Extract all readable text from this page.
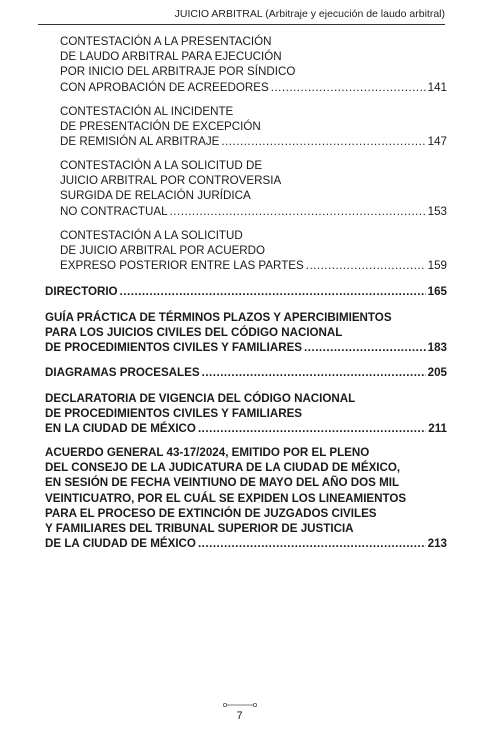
JUICIO ARBITRAL (Arbitraje y ejecución de laudo arbitral)
CONTESTACIÓN A LA PRESENTACIÓN
DE LAUDO ARBITRAL PARA EJECUCIÓN
POR INICIO DEL ARBITRAJE POR SÍNDICO
CON APROBACIÓN DE ACREEDORES .....	141
CONTESTACIÓN AL INCIDENTE
DE PRESENTACIÓN DE EXCEPCIÓN
DE REMISIÓN AL ARBITRAJE .....	147
CONTESTACIÓN A LA SOLICITUD DE
JUICIO ARBITRAL POR CONTROVERSIA
SURGIDA DE RELACIÓN JURÍDICA
NO CONTRACTUAL .....	153
CONTESTACIÓN A LA SOLICITUD
DE JUICIO ARBITRAL POR ACUERDO
EXPRESO POSTERIOR ENTRE LAS PARTES .....	159
DIRECTORIO .....	165
GUÍA PRÁCTICA DE TÉRMINOS PLAZOS Y APERCIBIMIENTOS
PARA LOS JUICIOS CIVILES DEL CÓDIGO NACIONAL
DE PROCEDIMIENTOS CIVILES Y FAMILIARES .....	183
DIAGRAMAS PROCESALES .....	205
DECLARATORIA DE VIGENCIA DEL CÓDIGO NACIONAL
DE PROCEDIMIENTOS CIVILES Y FAMILIARES
EN LA CIUDAD DE MÉXICO .....	211
ACUERDO GENERAL 43-17/2024, EMITIDO POR EL PLENO
DEL CONSEJO DE LA JUDICATURA DE LA CIUDAD DE MÉXICO,
EN SESIÓN DE FECHA VEINTIUNO DE MAYO DEL AÑO DOS MIL
VEINTICUATRO, POR EL CUÁL SE EXPIDEN LOS LINEAMIENTOS
PARA EL PROCESO DE EXTINCIÓN DE JUZGADOS CIVILES
Y FAMILIARES DEL TRIBUNAL SUPERIOR DE JUSTICIA
DE LA CIUDAD DE MÉXICO .....	213
7
